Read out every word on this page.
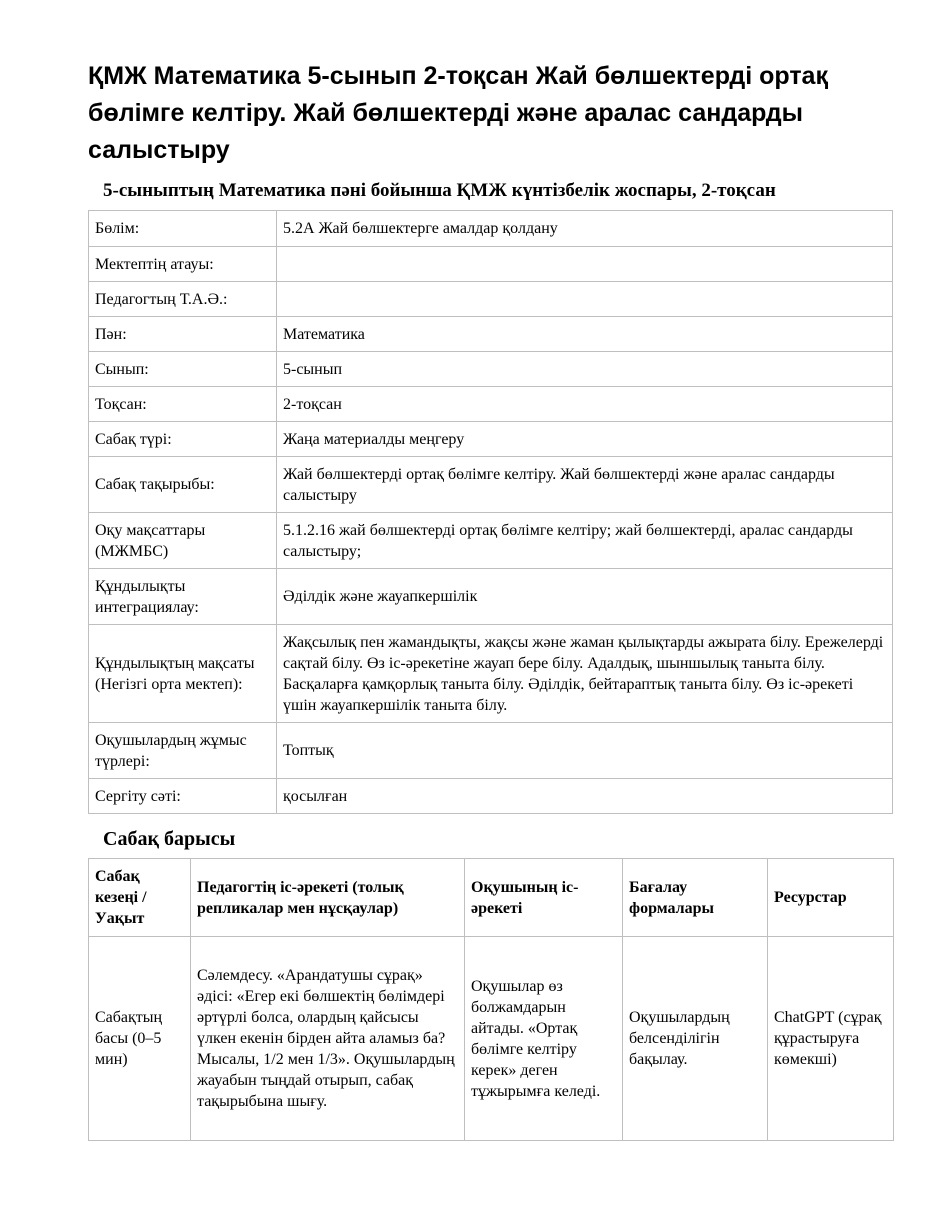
ҚМЖ Математика 5-сынып 2-тоқсан Жай бөлшектерді ортақ бөлімге келтіру. Жай бөлшектерді және аралас сандарды салыстыру
5-сыныптың Математика пәні бойынша ҚМЖ күнтізбелік жоспары, 2-тоқсан
Бөлім:	5.2А Жай бөлшектерге амалдар қолдану
Мектептің атауы:	
Педагогтың Т.А.Ә.:	
Пән:	Математика
Сынып:	5-сынып
Тоқсан:	2-тоқсан
Сабақ түрі:	Жаңа материалды меңгеру
Сабақ тақырыбы:	Жай бөлшектерді ортақ бөлімге келтіру. Жай бөлшектерді және аралас сандарды салыстыру
Оқу мақсаттары (МЖМБС)	5.1.2.16 жай бөлшектерді ортақ бөлімге келтіру; жай бөлшектерді, аралас сандарды салыстыру;
Құндылықты интеграциялау:	Әділдік және жауапкершілік
Құндылықтың мақсаты (Негізгі орта мектеп):	Жақсылық пен жамандықты, жақсы және жаман қылықтарды ажырата білу. Ережелерді сақтай білу. Өз іс-әрекетіне жауап бере білу. Адалдық, шыншылық таныта білу. Басқаларға қамқорлық таныта білу. Әділдік, бейтараптық таныта білу. Өз іс-әрекеті үшін жауапкершілік таныта білу.
Оқушылардың жұмыс түрлері:	Топтық
Сергіту сәті:	қосылған
Сабақ барысы
Сабақ кезеңі / Уақыт	Педагогтің іс-әрекеті (толық репликалар мен нұсқаулар)	Оқушының іс-әрекеті	Бағалау формалары	Ресурстар
Сабақтың басы (0–5 мин)	Сәлемдесу. «Арандатушы сұрақ» әдісі: «Егер екі бөлшектің бөлімдері әртүрлі болса, олардың қайсысы үлкен екенін бірден айта аламыз ба? Мысалы, 1/2 мен 1/3». Оқушылардың жауабын тыңдай отырып, сабақ тақырыбына шығу.	Оқушылар өз болжамдарын айтады. «Ортақ бөлімге келтіру керек» деген тұжырымға келеді.	Оқушылардың белсенділігін бақылау.	ChatGPT (сұрақ құрастыруға көмекші)
